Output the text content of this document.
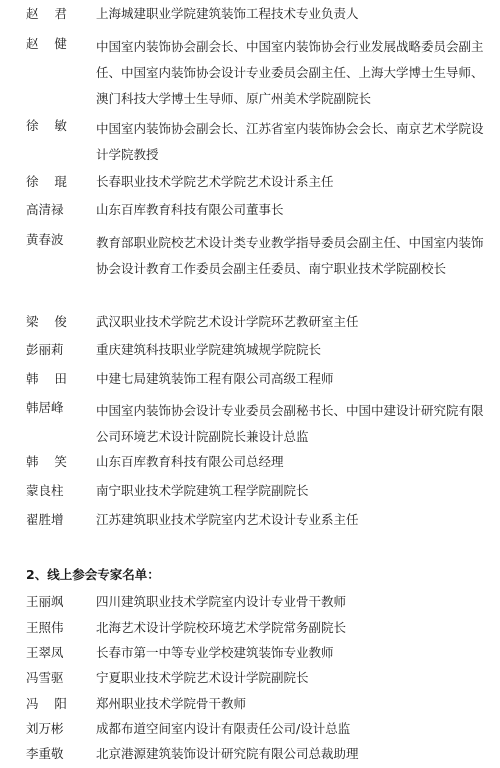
赵    君	上海城建职业学院建筑装饰工程技术专业负责人
赵    健	中国室内装饰协会副会长、中国室内装饰协会行业发展战略委员会副主任、中国室内装饰协会设计专业委员会副主任、上海大学博士生导师、澳门科技大学博士生导师、原广州美术学院副院长
徐    敏	中国室内装饰协会副会长、江苏省室内装饰协会会长、南京艺术学院设计学院教授
徐    琨	长春职业技术学院艺术学院艺术设计系主任
高清禄	山东百库教育科技有限公司董事长
黄春波	教育部职业院校艺术设计类专业教学指导委员会副主任、中国室内装饰协会设计教育工作委员会副主任委员、南宁职业技术学院副校长
梁    俊	武汉职业技术学院艺术设计学院环艺教研室主任
彭丽莉	重庆建筑科技职业学院建筑城规学院院长
韩    田	中建七局建筑装饰工程有限公司高级工程师
韩居峰	中国室内装饰协会设计专业委员会副秘书长、中国中建设计研究院有限公司环境艺术设计院副院长兼设计总监
韩    笑	山东百库教育科技有限公司总经理
蒙良柱	南宁职业技术学院建筑工程学院副院长
翟胜增	江苏建筑职业技术学院室内艺术设计专业系主任
2、线上参会专家名单：
王丽飒	四川建筑职业技术学院室内设计专业骨干教师
王照伟	北海艺术设计学院校环境艺术学院常务副院长
王翠凤	长春市第一中等专业学校建筑装饰专业教师
冯雪驱	宁夏职业技术学院艺术设计学院副院长
冯    阳	郑州职业技术学院骨干教师
刘万彬	成都布道空间室内设计有限责任公司/设计总监
李重敬	北京港源建筑装饰设计研究院有限公司总裁助理
